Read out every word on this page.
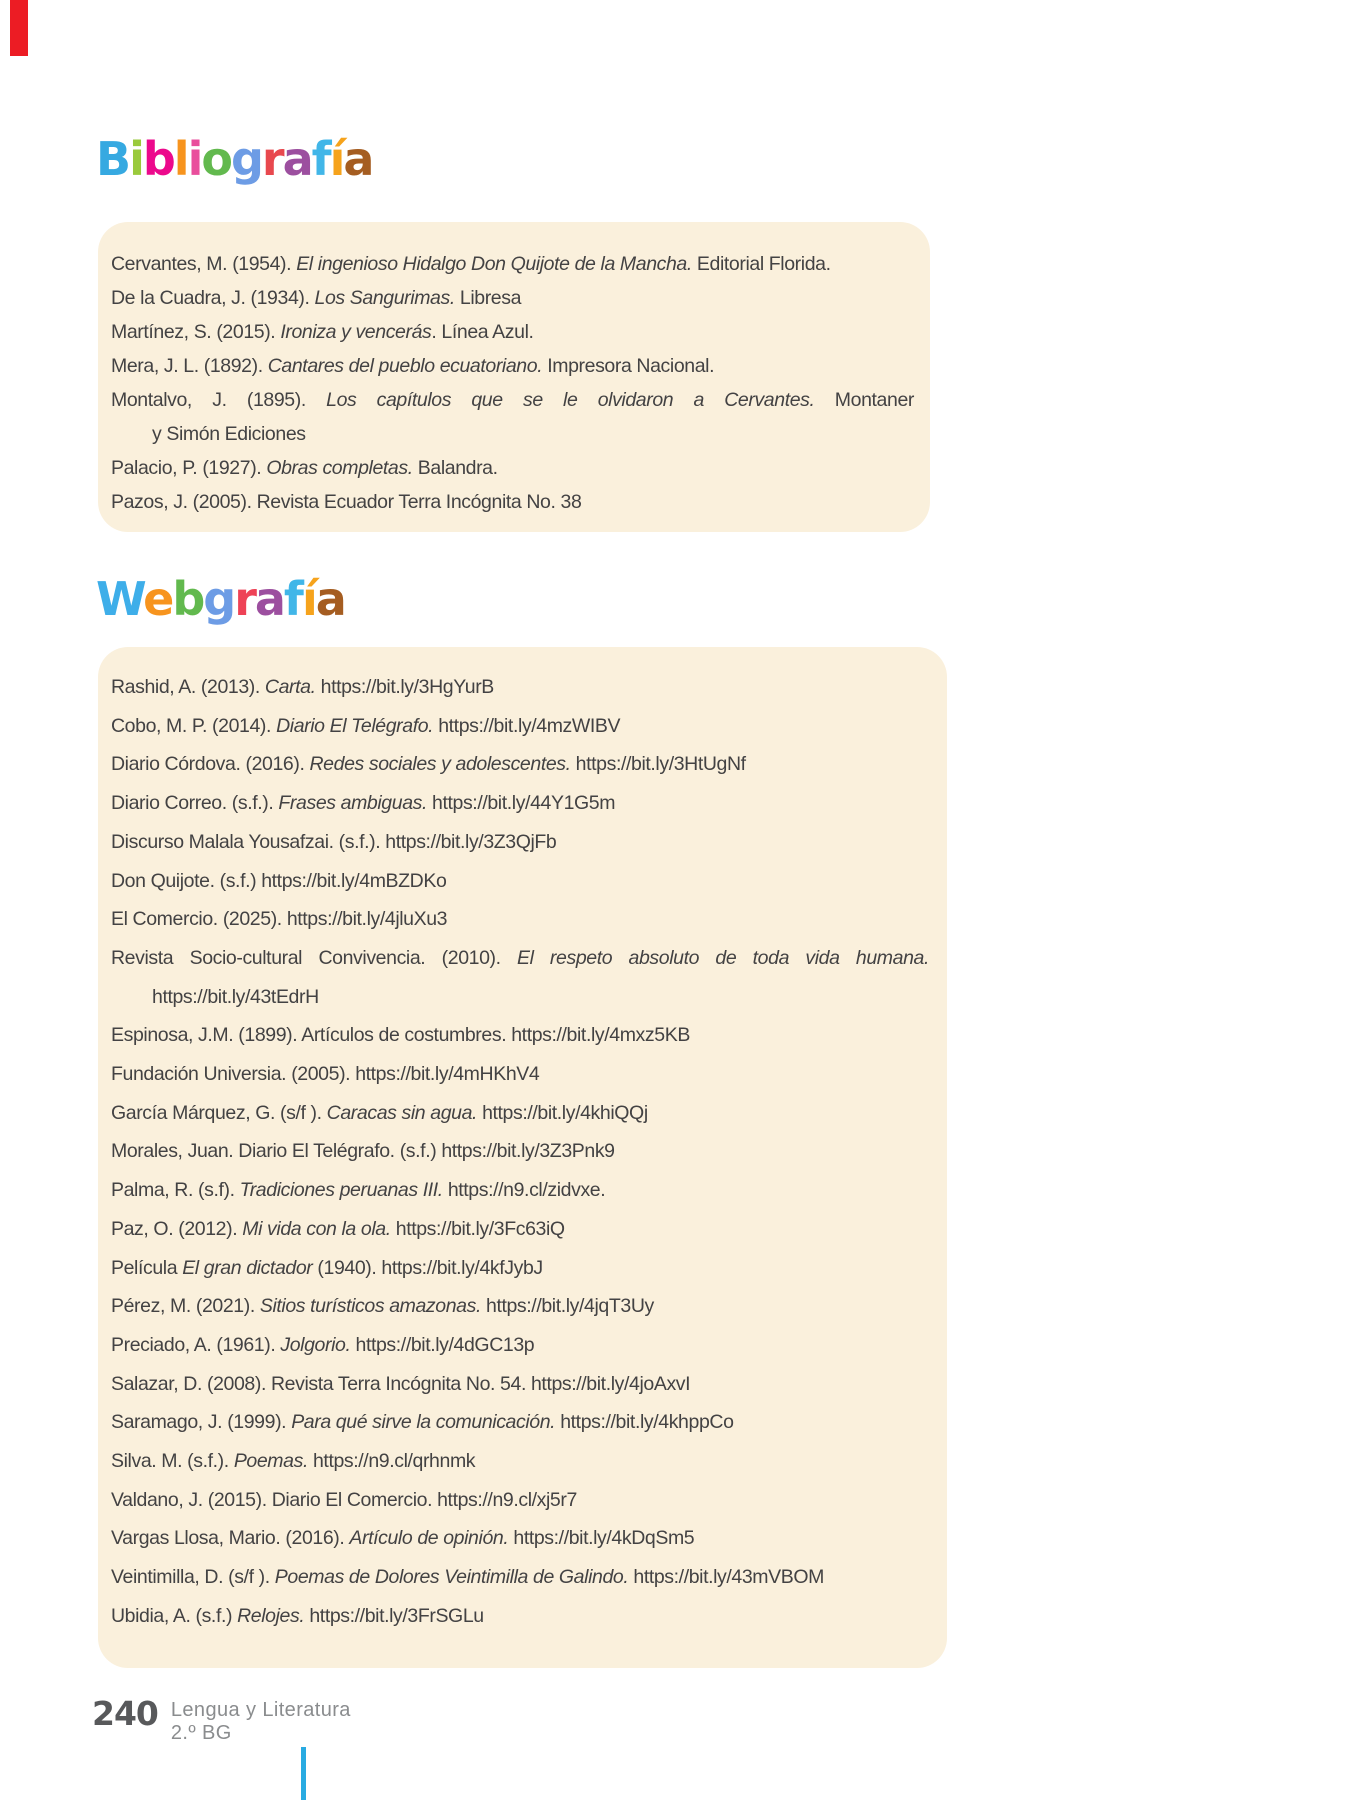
Bibliografía
Cervantes, M. (1954). El ingenioso Hidalgo Don Quijote de la Mancha. Editorial Florida.
De la Cuadra, J. (1934). Los Sangurimas. Libresa
Martínez, S. (2015). Ironiza y vencerás. Línea Azul.
Mera, J. L. (1892). Cantares del pueblo ecuatoriano. Impresora Nacional.
Montalvo, J. (1895). Los capítulos que se le olvidaron a Cervantes. Montaner
y Simón Ediciones
Palacio, P. (1927). Obras completas. Balandra.
Pazos, J. (2005). Revista Ecuador Terra Incógnita No. 38
Webgrafía
Rashid, A. (2013). Carta. https://bit.ly/3HgYurB
Cobo, M. P. (2014). Diario El Telégrafo. https://bit.ly/4mzWIBV
Diario Córdova. (2016). Redes sociales y adolescentes. https://bit.ly/3HtUgNf
Diario Correo. (s.f.). Frases ambiguas. https://bit.ly/44Y1G5m
Discurso Malala Yousafzai. (s.f.). https://bit.ly/3Z3QjFb
Don Quijote. (s.f.) https://bit.ly/4mBZDKo
El Comercio. (2025). https://bit.ly/4jluXu3
Revista Socio-cultural Convivencia. (2010). El respeto absoluto de toda vida humana.
https://bit.ly/43tEdrH
Espinosa, J.M. (1899). Artículos de costumbres. https://bit.ly/4mxz5KB
Fundación Universia. (2005). https://bit.ly/4mHKhV4
García Márquez, G. (s/f ). Caracas sin agua. https://bit.ly/4khiQQj
Morales, Juan. Diario El Telégrafo. (s.f.) https://bit.ly/3Z3Pnk9
Palma, R. (s.f). Tradiciones peruanas III. https://n9.cl/zidvxe.
Paz, O. (2012). Mi vida con la ola. https://bit.ly/3Fc63iQ
Película El gran dictador (1940). https://bit.ly/4kfJybJ
Pérez, M. (2021). Sitios turísticos amazonas. https://bit.ly/4jqT3Uy
Preciado, A. (1961). Jolgorio. https://bit.ly/4dGC13p
Salazar, D. (2008). Revista Terra Incógnita No. 54. https://bit.ly/4joAxvI
Saramago, J. (1999). Para qué sirve la comunicación. https://bit.ly/4khppCo
Silva. M. (s.f.). Poemas. https://n9.cl/qrhnmk
Valdano, J. (2015). Diario El Comercio. https://n9.cl/xj5r7
Vargas Llosa, Mario. (2016). Artículo de opinión. https://bit.ly/4kDqSm5
Veintimilla, D. (s/f ). Poemas de Dolores Veintimilla de Galindo. https://bit.ly/43mVBOM
Ubidia, A. (s.f.) Relojes. https://bit.ly/3FrSGLu
240 Lengua y Literatura
2.º BG
